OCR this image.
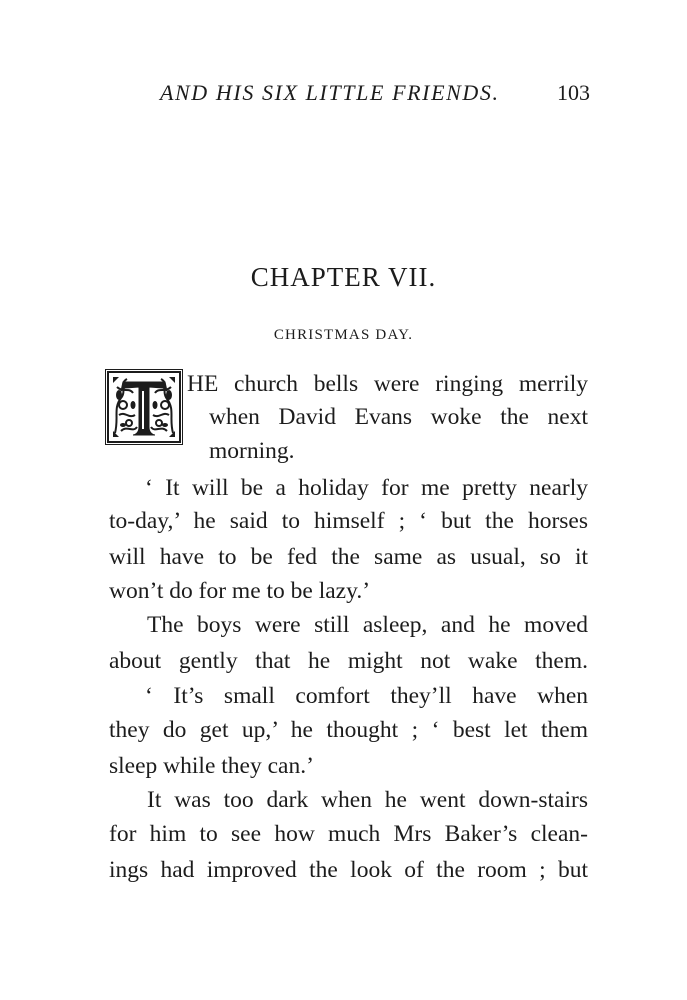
AND HIS SIX LITTLE FRIENDS.	103
CHAPTER VII.
CHRISTMAS DAY.
HE church bells were ringing merrily
when David Evans woke the next
morning.
‘ It will be a holiday for me pretty nearly
to-day,’ he said to himself ; ‘ but the horses
will have to be fed the same as usual, so it
won’t do for me to be lazy.’
The boys were still asleep, and he moved
about gently that he might not wake them.
‘ It’s small comfort they’ll have when
they do get up,’ he thought ; ‘ best let them
sleep while they can.’
It was too dark when he went down-stairs
for him to see how much Mrs Baker’s clean-
ings had improved the look of the room ; but
